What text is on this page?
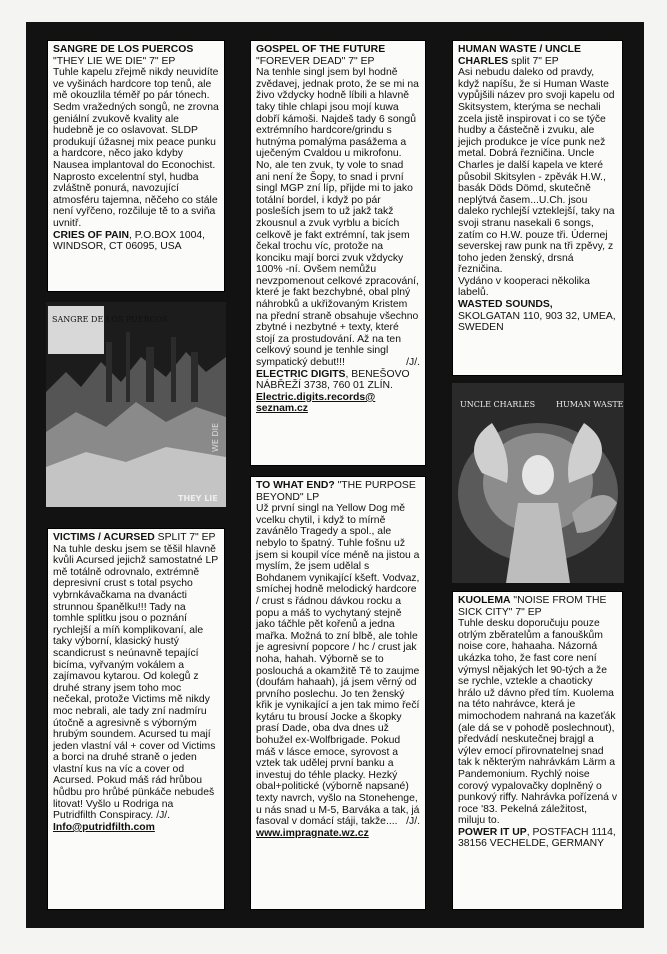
SANGRE DE LOS PUERCOS
"THEY LIE WE DIE" 7" EP

Tuhle kapelu zřejmě nikdy neuvidíte ve vyšinách hardcore top tenů, ale mě okouzlila téměř po pár tónech. Sedm vražedných songů, ne zrovna geniální zvukově kvality ale hudebně je co oslavovat. SLDP produkují úžasnej mix peace punku a hardcore, něco jako kdyby Nausea implantoval do Econochist. Naprosto excelentní styl, hudba zvláštně ponurá, navozující atmosféru tajemna, něčeho co stále není vyřčeno, rozčiluje tě to a sviňa uvnitř.

CRIES OF PAIN, P.O.BOX 1004, WINDSOR, CT 06095, USA

SANGRE DE LOS PUERCOS
WE DIE
THEY LIE

GOSPEL OF THE FUTURE
"FOREVER DEAD" 7" EP

Na tenhle singl jsem byl hodně zvědavej, jednak proto, že se mi na živo vždycky hodně líbili a hlavně taky tihle chlapi jsou mojí kuwa dobří kámoši. Najdeš tady 6 songů extrémního hardcore/grindu s hutnýma pomalýma pasážema a uječeným Cvaldou u mikrofonu. No, ale ten zvuk, ty vole to snad ani není že Šopy, to snad i první singl MGP zní líp, přijde mi to jako totální bordel, i když po pár posleších jsem to už jakž takž zkousnul a zvuk vyrblu a bicích celkově je fakt extrémní, tak jsem čekal trochu víc, protože na konciku mají borci zvuk vždycky 100% -ní. Ovšem nemůžu nevzpomenout celkové zpracování, které je fakt bezchybné, obal plný náhrobků a ukřižovaným Kristem na přední straně obsahuje všechno zbytné i nezbytné + texty, které stojí za prostudování. Až na ten celkový sound je tenhle singl sympatický debut!!!	/J/.

ELECTRIC DIGITS, BENEŠOVO NÁBŘEŽÍ 3738, 760 01 ZLÍN.

Electric.digits.records@ seznam.cz

HUMAN WASTE / UNCLE CHARLES split 7" EP

Asi nebudu daleko od pravdy, když napíšu, že si Human Waste vypůjšili název pro svoji kapelu od Skitsystem, kterýma se nechali zcela jistě inspirovat i co se týče hudby a částečně i zvuku, ale jejich produkce je více punk než metal. Dobrá řezničina. Uncle Charles je další kapela ve které působil Skitsylen - zpěvák H.W., basák Döds Dömd, skutečně neplýtvá časem...U.Ch. jsou daleko rychlejší vzteklejší, taky na svoji stranu nasekali 6 songs, zatím co H.W. pouze tři. Údernej severskej raw punk na tři zpěvy, z toho jeden ženský, drsná řezničina.

Vydáno v kooperaci několika labelů.

WASTED SOUNDS,

SKOLGATAN 110, 903 32, UMEA, SWEDEN

UNCLE CHARLES	HUMAN WASTE

VICTIMS / ACURSED SPLIT 7" EP

Na tuhle desku jsem se těšil hlavně kvůli Acursed jejichž samostatné LP mě totálně odrovnalo, extrémně depresivní crust s total psycho vybrnkávačkama na dvanácti strunnou španělku!!! Tady na tomhle splitku jsou o poznání rychlejší a míň komplikovaní, ale taky výborní, klasický hustý scandicrust s neúnavně tepající bicíma, vyřvaným vokálem a zajímavou kytarou. Od kolegů z druhé strany jsem toho moc nečekal, protože Victims mě nikdy moc nebrali, ale tady zní nadmíru útočně a agresivně s výborným hrubým soundem. Acursed tu mají jeden vlastní vál + cover od Victims a borci na druhé straně o jeden vlastní kus na víc a cover od Acursed. Pokud máš rád hrůbou hůdbu pro hrůbé pünkáče nebudeš litovat! Vyšlo u Rodriga na Putridfilth Conspiracy. /J/.

Info@putridfilth.com

TO WHAT END? "THE PURPOSE BEYOND" LP

Už první singl na Yellow Dog mě vcelku chytil, i když to mírně zavánělo Tragedy a spol., ale nebylo to špatný. Tuhle fošnu už jsem si koupil více méně na jistou a myslím, že jsem udělal s Bohdanem vynikající kšeft. Vodvaz, smíchej hodně melodický hardcore / crust s řádnou dávkou rocku a popu a máš to vychytaný stejně jako táčhle pět kořenů a jedna mařka. Možná to zní blbě, ale tohle je agresivní popcore / hc / crust jak noha, hahah. Výborně se to poslouchá a okamžitě Tě to zaujme (doufám hahaah), já jsem věrný od prvního poslechu. Jo ten ženský křik je vynikající a jen tak mimo řečí kytáru tu brousí Jocke a škopky prasí Dade, oba dva dnes už bohužel ex-Wolfbrigade. Pokud máš v lásce emoce, syrovost a vztek tak udělej první banku a investuj do téhle placky. Hezký obal+politické (výborně napsané) texty navrch, vyšlo na Stonehenge, u nás snad u M-5, Barváka a tak, já fasoval v domácí stáji, takže.... /J/.

www.impragnate.wz.cz

KUOLEMA "NOISE FROM THE SICK CITY" 7" EP

Tuhle desku doporučuju pouze otrlým zběratelům a fanouškům noise core, hahaaha. Názorná ukázka toho, že fast core není výmysl nějakých let 90-tých a že se rychle, vztekle a chaoticky hrálo už dávno před tím. Kuolema na této nahrávce, která je mimochodem nahraná na kazeťák (ale dá se v pohodě poslechnout), předvádí neskutečnej brajgl a výlev emocí přirovnatelnej snad tak k některým nahrávkám Lärm a Pandemonium. Rychlý noise corový vypalovačky doplněný o punkový riffy. Nahrávka pořízená v roce '83. Pekelná záležitost, miluju to.

POWER IT UP, POSTFACH 1114, 38156 VECHELDE, GERMANY
